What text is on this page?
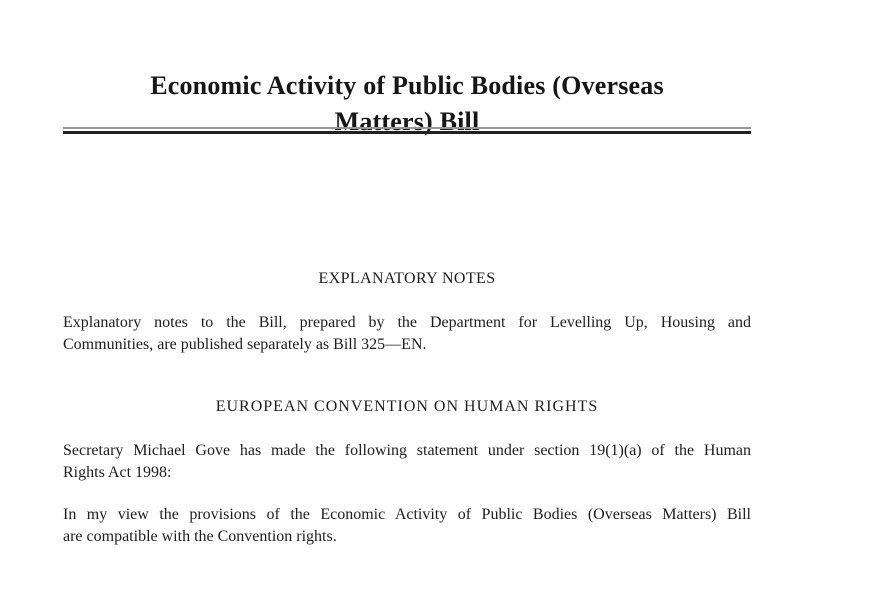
Economic Activity of Public Bodies (Overseas
Matters) Bill
EXPLANATORY NOTES
Explanatory notes to the Bill, prepared by the Department for Levelling Up, Housing and
Communities, are published separately as Bill 325—EN.
EUROPEAN CONVENTION ON HUMAN RIGHTS
Secretary Michael Gove has made the following statement under section 19(1)(a) of the Human
Rights Act 1998:
In my view the provisions of the Economic Activity of Public Bodies (Overseas Matters) Bill
are compatible with the Convention rights.
